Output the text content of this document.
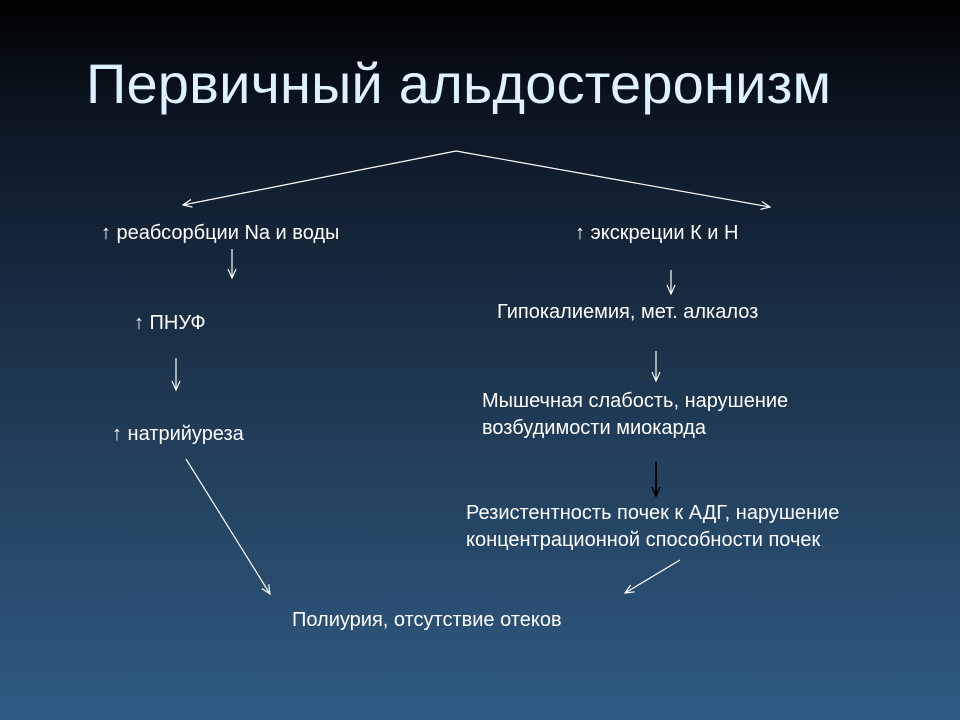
Первичный альдостеронизм
↑ реабсорбции Na и воды
↑ ПНУФ
↑ натрийуреза
↑ экскреции К и Н
Гипокалиемия, мет. алкалоз
Мышечная слабость, нарушение
возбудимости миокарда
Резистентность почек к АДГ, нарушение
концентрационной способности почек
Полиурия, отсутствие отеков
